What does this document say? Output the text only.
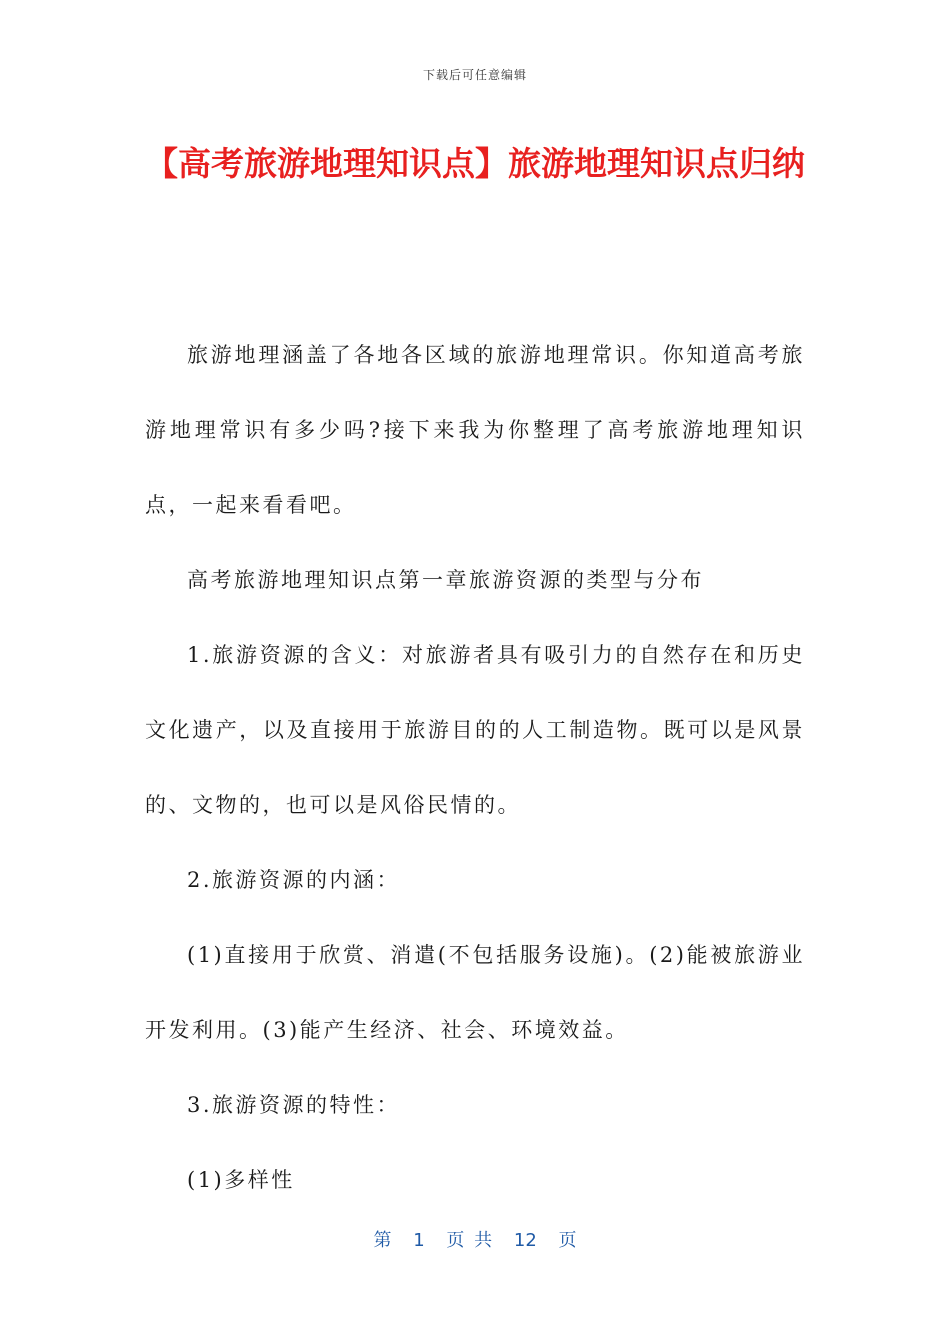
下载后可任意编辑
【高考旅游地理知识点】旅游地理知识点归纳

旅游地理涵盖了各地各区域的旅游地理常识。你知道高考旅游地理常识有多少吗?接下来我为你整理了高考旅游地理知识点，一起来看看吧。

高考旅游地理知识点第一章旅游资源的类型与分布

1.旅游资源的含义：对旅游者具有吸引力的自然存在和历史文化遗产，以及直接用于旅游目的的人工制造物。既可以是风景的、文物的，也可以是风俗民情的。

2.旅游资源的内涵：

(1)直接用于欣赏、消遣(不包括服务设施)。(2)能被旅游业开发利用。(3)能产生经济、社会、环境效益。

3.旅游资源的特性：

(1)多样性

第 1 页 共 12 页
